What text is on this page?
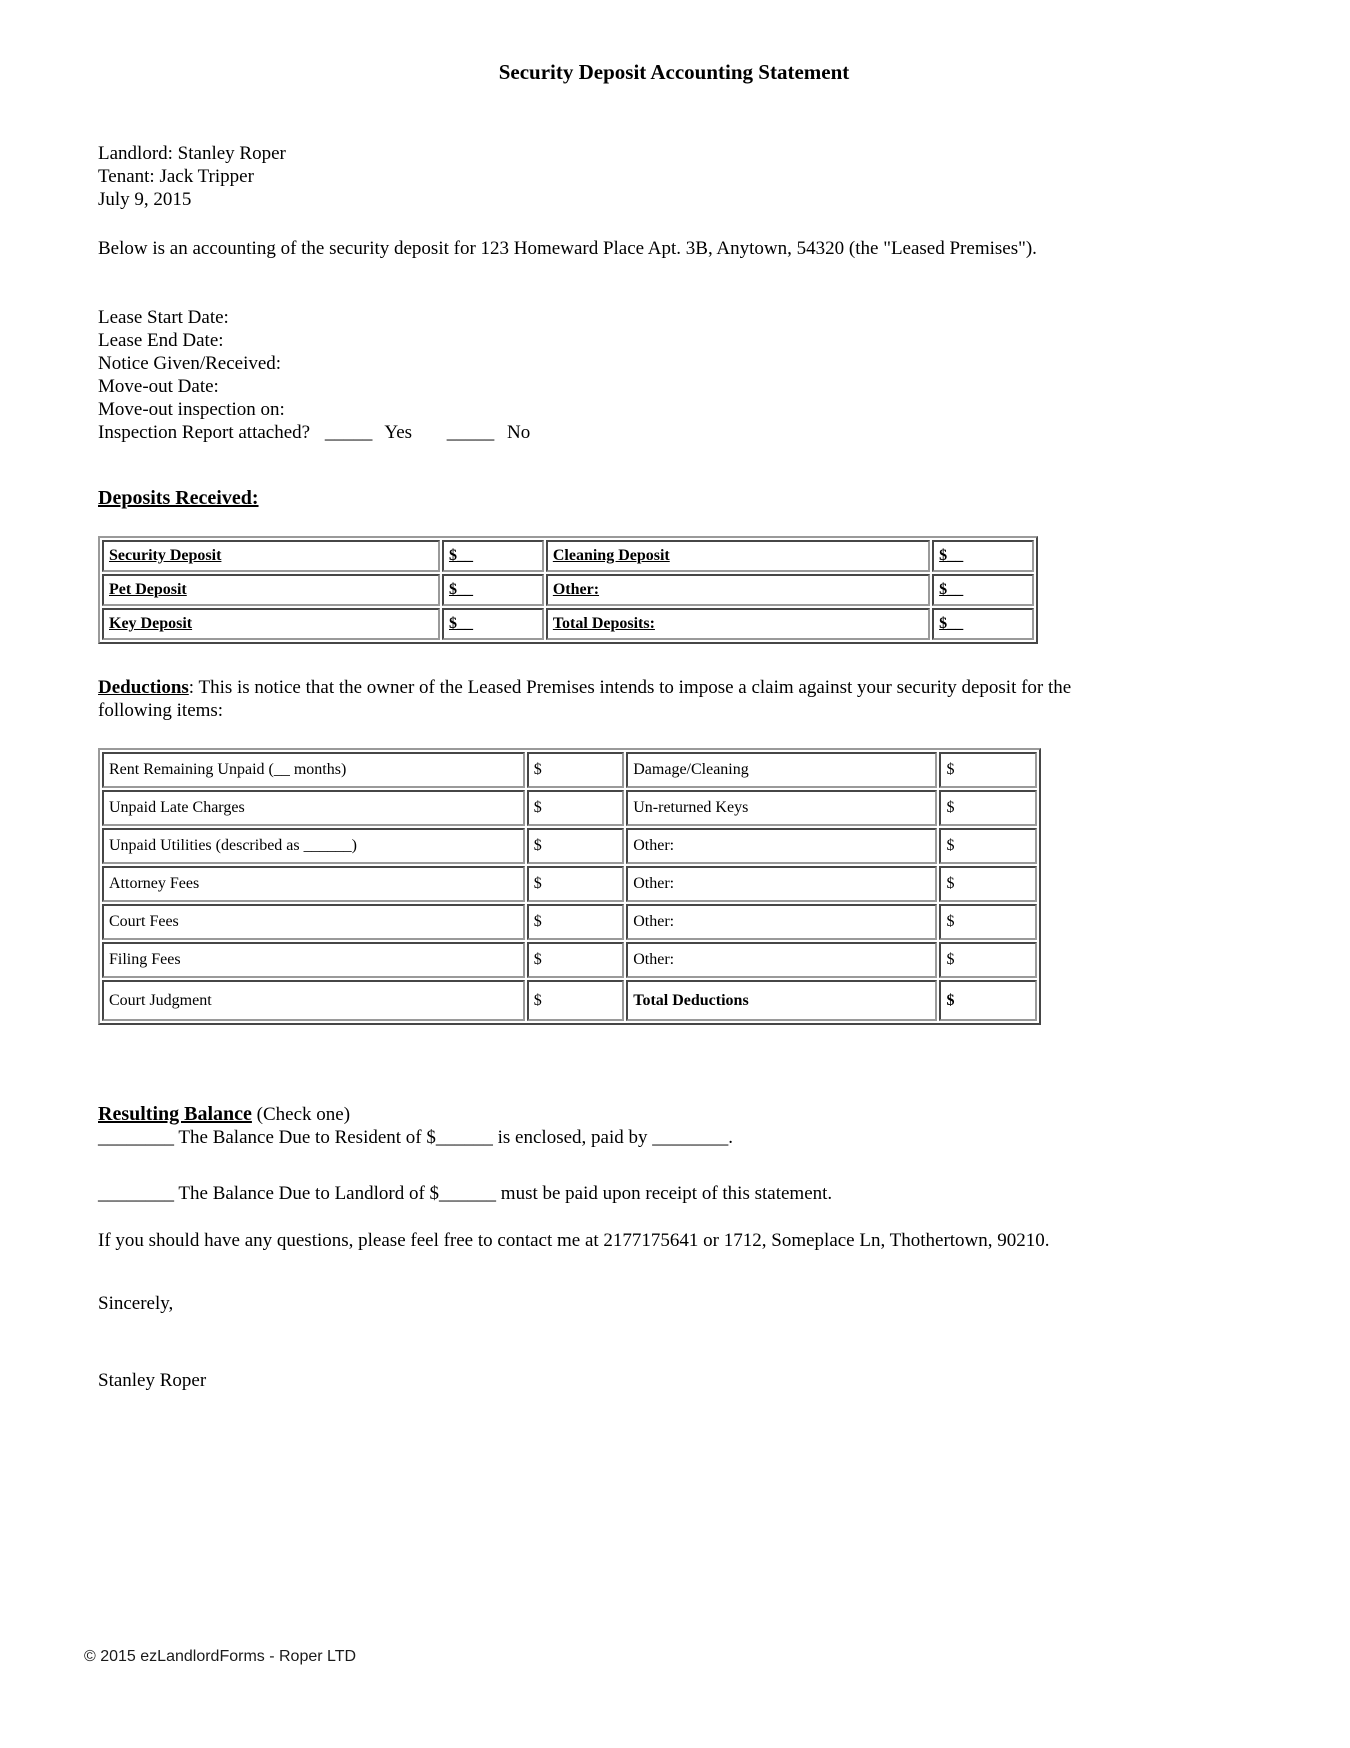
Security Deposit Accounting Statement
Landlord: Stanley Roper
Tenant: Jack Tripper
July 9, 2015

Below is an accounting of the security deposit for 123 Homeward Place Apt. 3B, Anytown, 54320 (the "Leased Premises").

Lease Start Date:
Lease End Date:
Notice Given/Received:
Move-out Date:
Move-out inspection on:
Inspection Report attached? _____ Yes _____ No
Deposits Received:
Security Deposit	$__	Cleaning Deposit	$__
Pet Deposit	$__	Other:	$__
Key Deposit	$__	Total Deposits:	$__

Deductions: This is notice that the owner of the Leased Premises intends to impose a claim against your security deposit for the following items:

Rent Remaining Unpaid (__ months)	$	Damage/Cleaning	$
Unpaid Late Charges	$	Un-returned Keys	$
Unpaid Utilities (described as ______)	$	Other:	$
Attorney Fees	$	Other:	$
Court Fees	$	Other:	$
Filing Fees	$	Other:	$
Court Judgment	$	Total Deductions	$
Resulting Balance (Check one)
________ The Balance Due to Resident of $______ is enclosed, paid by ________.
________ The Balance Due to Landlord of $______ must be paid upon receipt of this statement.

If you should have any questions, please feel free to contact me at 2177175641 or 1712, Someplace Ln, Thothertown, 90210.

Sincerely,
Stanley Roper
© 2015 ezLandlordForms - Roper LTD
